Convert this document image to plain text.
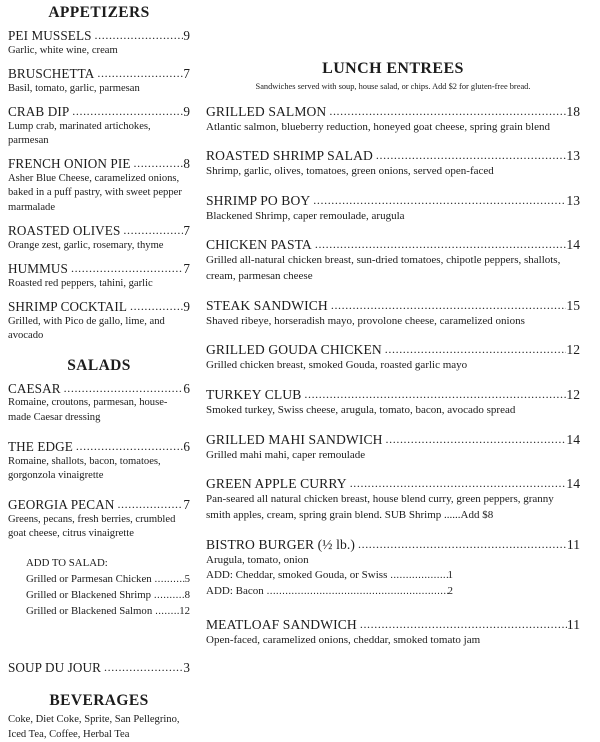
APPETIZERS
PEI MUSSELS .....	9
Garlic, white wine, cream
BRUSCHETTA .....	7
Basil, tomato, garlic, parmesan
CRAB DIP .....	9
Lump crab, marinated artichokes, parmesan
FRENCH ONION PIE .....	8
Asher Blue Cheese, caramelized onions, baked in a puff pastry, with sweet pepper marmalade
ROASTED OLIVES .....	7
Orange zest, garlic, rosemary, thyme
HUMMUS .....	7
Roasted red peppers, tahini, garlic
SHRIMP COCKTAIL .....	9
Grilled, with Pico de gallo, lime, and avocado
SALADS
CAESAR .....	6
Romaine, croutons, parmesan, house-made Caesar dressing
THE EDGE .....	6
Romaine, shallots, bacon, tomatoes, gorgonzola vinaigrette
GEORGIA PECAN .....	7
Greens, pecans, fresh berries, crumbled goat cheese, citrus vinaigrette
ADD TO SALAD:
Grilled or Parmesan Chicken .....	5
Grilled or Blackened Shrimp .....	8
Grilled or Blackened Salmon ..... 12
SOUP DU JOUR .....	3
BEVERAGES
Coke, Diet Coke, Sprite, San Pellegrino, Iced Tea, Coffee, Herbal Tea
LUNCH ENTREES
Sandwiches served with soup, house salad, or chips. Add $2 for gluten-free bread.
GRILLED SALMON .....	18
Atlantic salmon, blueberry reduction, honeyed goat cheese, spring grain blend
ROASTED SHRIMP SALAD .....	13
Shrimp, garlic, olives, tomatoes, green onions, served open-faced
SHRIMP PO BOY .....	13
Blackened Shrimp, caper remoulade, arugula
CHICKEN PASTA .....	14
Grilled all-natural chicken breast, sun-dried tomatoes, chipotle peppers, shallots, cream, parmesan cheese
STEAK SANDWICH .....	15
Shaved ribeye, horseradish mayo, provolone cheese, caramelized onions
GRILLED GOUDA CHICKEN .....	12
Grilled chicken breast, smoked Gouda, roasted garlic mayo
TURKEY CLUB .....	12
Smoked turkey, Swiss cheese, arugula, tomato, bacon, avocado spread
GRILLED MAHI SANDWICH .....	14
Grilled mahi mahi, caper remoulade
GREEN APPLE CURRY .....	14
Pan-seared all natural chicken breast, house blend curry, green peppers, granny smith apples, cream, spring grain blend. SUB Shrimp ......Add $8
BISTRO BURGER (½ lb.) .....	11
Arugula, tomato, onion
ADD: Cheddar, smoked Gouda, or Swiss .....	1
ADD: Bacon .....	2
MEATLOAF SANDWICH .....	11
Open-faced, caramelized onions, cheddar, smoked tomato jam
